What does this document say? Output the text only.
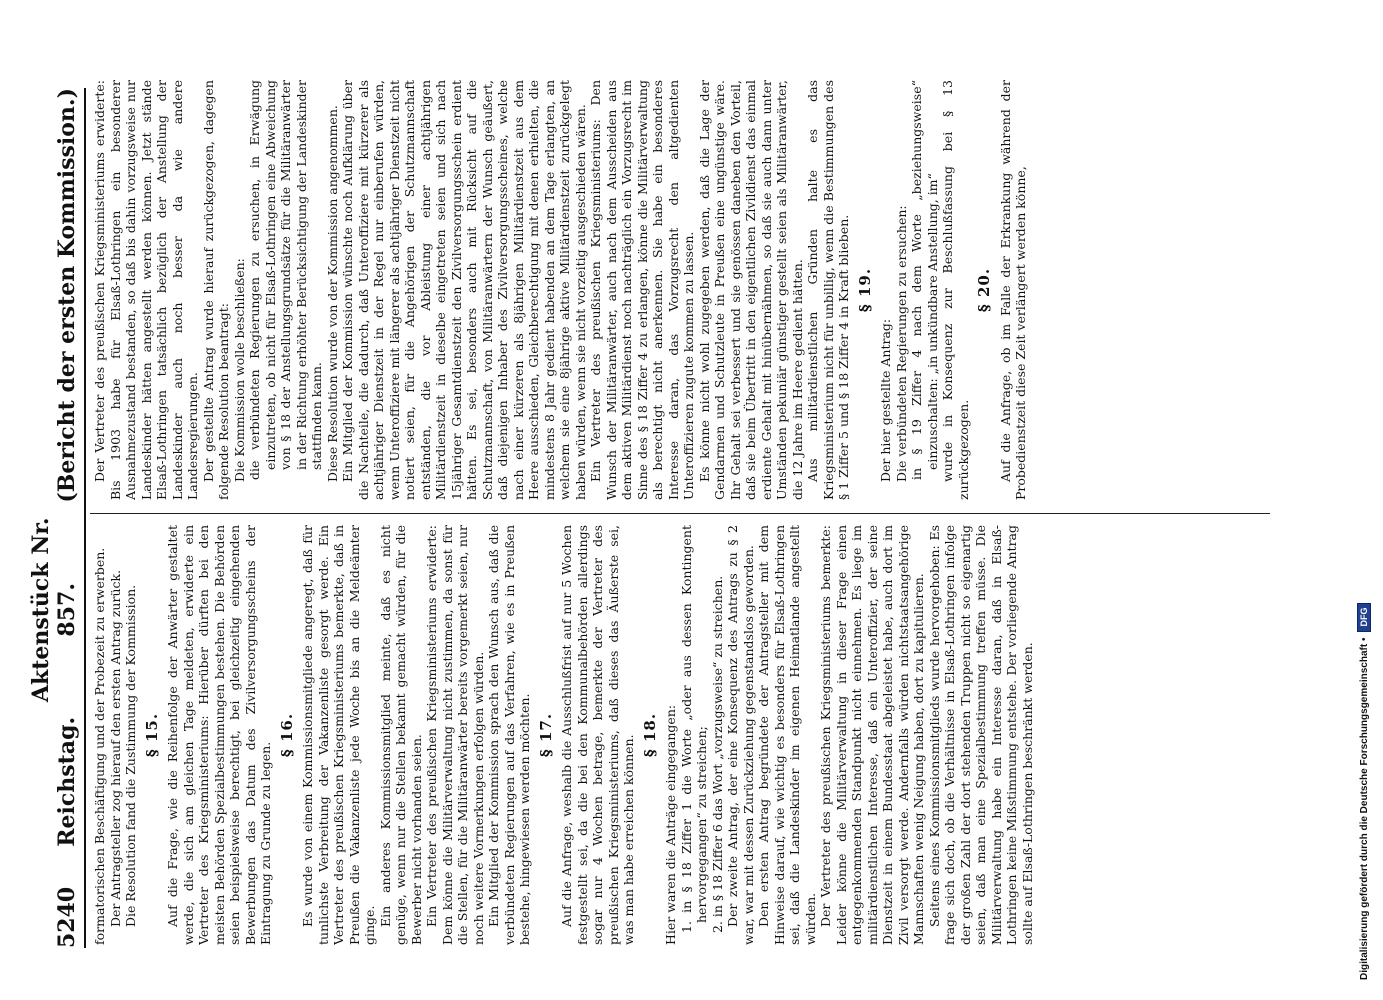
5240
Reichstag.
Aktenstück Nr. 857.
(Bericht der ersten Kommission.)

formatorischen Beschäftigung und der Probezeit zu erwerben. Der Antragsteller zog hierauf den ersten Antrag zurück. Die Resolution fand die Zustimmung der Kommission. § 15. Auf die Frage, wie die Reihenfolge der Anwärter gestaltet werde, die sich am gleichen Tage meldeten, erwiderte ein Vertreter des Kriegsministeriums: Hierüber dürften bei den meisten Behörden Spezialbestimmungen bestehen. Die Behörden seien beispielsweise berechtigt, bei gleichzeitig eingehenden Bewerbungen das Datum des Zivilversorgungsscheins der Eintragung zu Grunde zu legen.

§ 16. Es wurde von einem Kommissionsmitgliede angeregt, daß für tunlichste Verbreitung der Vakanzenliste gesorgt werde. Ein Vertreter des preußischen Kriegsministeriums bemerkte, daß in Preußen die Vakanzenliste jede Woche bis an die Meldeämter ginge. Ein anderes Kommissionsmitglied meinte, daß es nicht genüge, wenn nur die Stellen bekannt gemacht würden, für die Bewerber nicht vorhanden seien. Ein Vertreter des preußischen Kriegsministeriums erwiderte: Dem könne die Militärverwaltung nicht zustimmen, da sonst für die Stellen, für die Militäranwärter bereits vorgemerkt seien, nur noch weitere Vormerkungen erfolgen würden. Ein Mitglied der Kommission sprach den Wunsch aus, daß die verbündeten Regierungen auf das Verfahren, wie es in Preußen bestehe, hingewiesen werden möchten. § 17. Auf die Anfrage, weshalb die Ausschlußfrist auf nur 5 Wochen festgestellt sei, da die bei den Kommunalbehörden allerdings sogar nur 4 Wochen betrage, bemerkte der Vertreter des preußischen Kriegsministeriums, daß dieses das Äußerste sei, was man habe erreichen können. § 18. Hier waren die Anträge eingegangen: 1. in § 18 Ziffer 1 die Worte „oder aus dessen Kontingent hervorgegangen“ zu streichen; 2. in § 18 Ziffer 6 das Wort „vorzugsweise“ zu streichen. Der zweite Antrag, der eine Konsequenz des Antrags zu § 2 war, war mit dessen Zurückziehung gegenstandslos geworden. Den ersten Antrag begründete der Antragsteller mit dem Hinweise darauf, wie wichtig es besonders für Elsaß-Lothringen sei, daß die Landeskinder im eigenen Heimatlande angestellt würden. Der Vertreter des preußischen Kriegsministeriums bemerkte: Leider könne die Militärverwaltung in dieser Frage einen entgegenkommenden Standpunkt nicht einnehmen. Es liege im militärdienstlichen Interesse, daß ein Unteroffizier, der seine Dienstzeit in einem Bundesstaat abgeleistet habe, auch dort im Zivil versorgt werde. Andernfalls würden nichtstaatsangehörige Mannschaften wenig Neigung haben, dort zu kapitulieren. Seitens eines Kommissionsmitglieds wurde hervorgehoben: Es frage sich doch, ob die Verhältnisse in Elsaß-Lothringen infolge der großen Zahl der dort stehenden Truppen nicht so eigenartig seien, daß man eine Spezialbestimmung treffen müsse. Die Militärverwaltung habe ein Interesse daran, daß in Elsaß-Lothringen keine Mißstimmung entstehe. Der vorliegende Antrag sollte auf Elsaß-Lothringen beschränkt werden.

Der Vertreter des preußischen Kriegsministeriums erwiderte: Bis 1903 habe für Elsaß-Lothringen ein besonderer Ausnahmezustand bestanden, so daß bis dahin vorzugsweise nur Landeskinder hätten angestellt werden können. Jetzt stände Elsaß-Lothringen tatsächlich bezüglich der Anstellung der Landeskinder auch noch besser da wie andere Landesregierungen. Der gestellte Antrag wurde hierauf zurückgezogen, dagegen folgende Resolution beantragt: Die Kommission wolle beschließen: die verbündeten Regierungen zu ersuchen, in Erwägung einzutreten, ob nicht für Elsaß-Lothringen eine Abweichung von § 18 der Anstellungsgrundsätze für die Militäranwärter in der Richtung erhöhter Berücksichtigung der Landeskinder stattfinden kann. Diese Resolution wurde von der Kommission angenommen. Ein Mitglied der Kommission wünschte noch Aufklärung über die Nachteile, die dadurch, daß Unteroffiziere mit kürzerer als achtjähriger Dienstzeit in der Regel nur einberufen würden, wenn Unteroffiziere mit längerer als achtjähriger Dienstzeit nicht notiert seien, für die Angehörigen der Schutzmannschaft entständen, die vor Ableistung einer achtjährigen Militärdienstzeit in dieselbe eingetreten seien und sich nach 15jähriger Gesamtdienstzeit den Zivilversorgungsschein erdient hätten. Es sei, besonders auch mit Rücksicht auf die Schutzmannschaft, von Militäranwärtern der Wunsch geäußert, daß diejenigen Inhaber des Zivilversorgungsscheines, welche nach einer kürzeren als 8jährigen Militärdienstzeit aus dem Heere ausschieden, Gleichberechtigung mit denen erhielten, die mindestens 8 Jahr gedient habenden an dem Tage erlangten, an welchem sie eine 8jährige aktive Militärdienstzeit zurückgelegt haben würden, wenn sie nicht vorzeitig ausgeschieden wären. Ein Vertreter des preußischen Kriegsministeriums: Den Wunsch der Militäranwärter, auch nach dem Ausscheiden aus dem aktiven Militärdienst noch nachträglich ein Vorzugsrecht im Sinne des § 18 Ziffer 4 zu erlangen, könne die Militärverwaltung als berechtigt nicht anerkennen. Sie habe ein besonderes Interesse daran, das Vorzugsrecht den altgedienten Unteroffizieren zugute kommen zu lassen. Es könne nicht wohl zugegeben werden, daß die Lage der Gendarmen und Schutzleute in Preußen eine ungünstige wäre. Ihr Gehalt sei verbessert und sie genössen daneben den Vorteil, daß sie beim Übertritt in den eigentlichen Zivildienst das einmal erdiente Gehalt mit hinübernähmen, so daß sie auch dann unter Umständen pekuniär günstiger gestellt seien als Militäranwärter, die 12 Jahre im Heere gedient hätten. Aus militärdienstlichen Gründen halte es das Kriegsministerium nicht für unbillig, wenn die Bestimmungen des § 1 Ziffer 5 und § 18 Ziffer 4 in Kraft blieben. § 19.

Der hier gestellte Antrag: Die verbündeten Regierungen zu ersuchen: in § 19 Ziffer 4 nach dem Worte „beziehungsweise“ einzuschalten: „in unkündbare Anstellung, im“ wurde in Konsequenz zur Beschlußfassung bei § 13 zurückgezogen.

§ 20. Auf die Anfrage, ob im Falle der Erkrankung während der Probedienstzeit diese Zeit verlängert werden könne,

Digitalisierung gefördert durch die Deutsche Forschungsgemeinschaft •
DFG
